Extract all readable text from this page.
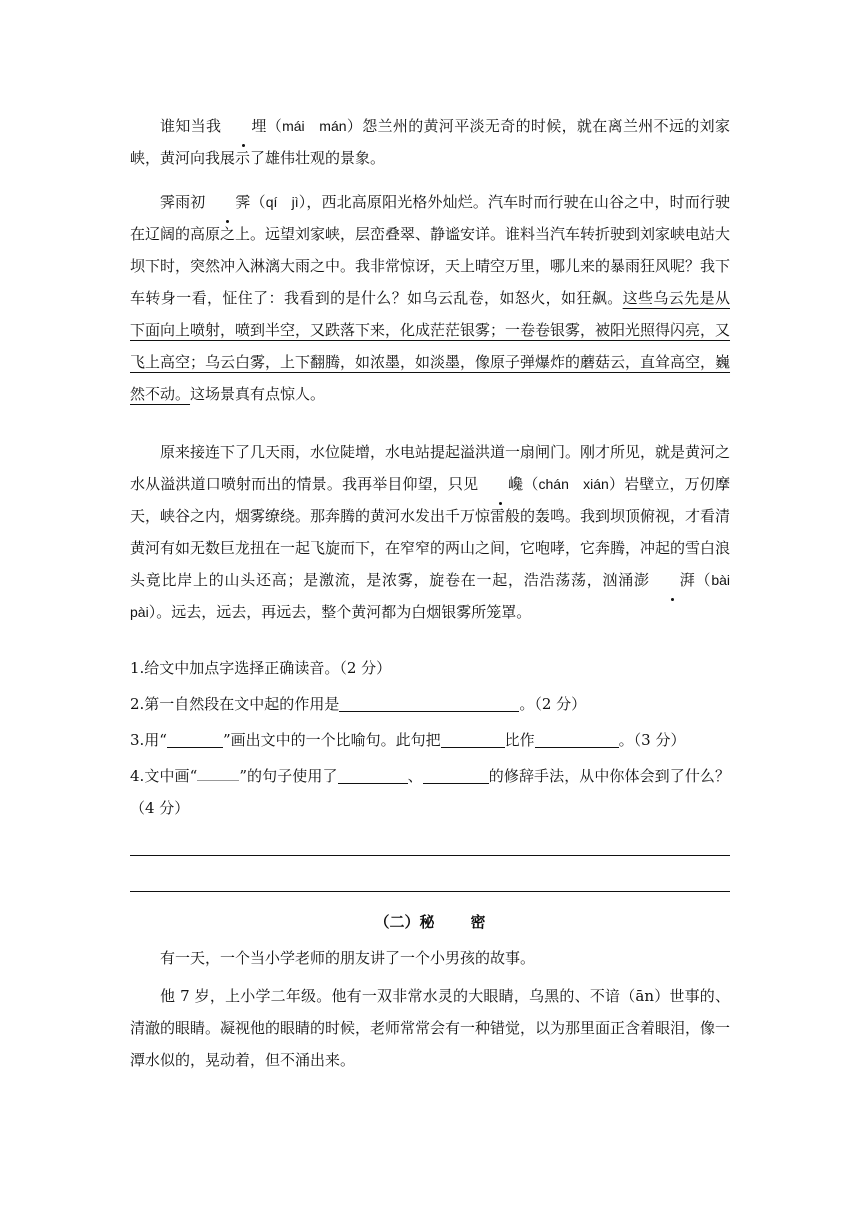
谁知当我 埋（mái　mán）怨兰州的黄河平淡无奇的时候，就在离兰州不远的刘家峡，黄河向我展示了雄伟壮观的景象。

霁雨初 霁（qí　jì），西北高原阳光格外灿烂。汽车时而行驶在山谷之中，时而行驶在辽阔的高原之上。远望刘家峡，层峦叠翠、静谧安详。谁料当汽车转折驶到刘家峡电站大坝下时，突然冲入淋漓大雨之中。我非常惊讶，天上晴空万里，哪儿来的暴雨狂风呢？我下车转身一看，怔住了：我看到的是什么？如乌云乱卷，如怒火，如狂飙。这些乌云先是从下面向上喷射，喷到半空，又跌落下来，化成茫茫银雾；一卷卷银雾，被阳光照得闪亮，又飞上高空；乌云白雾，上下翻腾，如浓墨，如淡墨，像原子弹爆炸的蘑菇云，直耸高空，巍然不动。这场景真有点惊人。

原来接连下了几天雨，水位陡增，水电站提起溢洪道一扇闸门。刚才所见，就是黄河之水从溢洪道口喷射而出的情景。我再举目仰望，只见 巉（chán　xián）岩壁立，万仞摩天，峡谷之内，烟雾缭绕。那奔腾的黄河水发出千万惊雷般的轰鸣。我到坝顶俯视，才看清黄河有如无数巨龙扭在一起飞旋而下，在窄窄的两山之间，它咆哮，它奔腾，冲起的雪白浪头竟比岸上的山头还高；是激流，是浓雾，旋卷在一起，浩浩荡荡，汹涌澎 湃（bài　pài）。远去，远去，再远去，整个黄河都为白烟银雾所笼罩。

1.给文中加点字选择正确读音。（2 分）

2.第一自然段在文中起的作用是	。（2 分）

3.用“	”画出文中的一个比喻句。此句把	比作	。（3 分）

4.文中画“	”的句子使用了	、	的修辞手法，从中你体会到了什么？（4 分）

（二）秘 密

有一天，一个当小学老师的朋友讲了一个小男孩的故事。

他 7 岁，上小学二年级。他有一双非常水灵的大眼睛，乌黑的、不谙（ān）世事的、清澈的眼睛。凝视他的眼睛的时候，老师常常会有一种错觉，以为那里面正含着眼泪，像一潭水似的，晃动着，但不涌出来。
